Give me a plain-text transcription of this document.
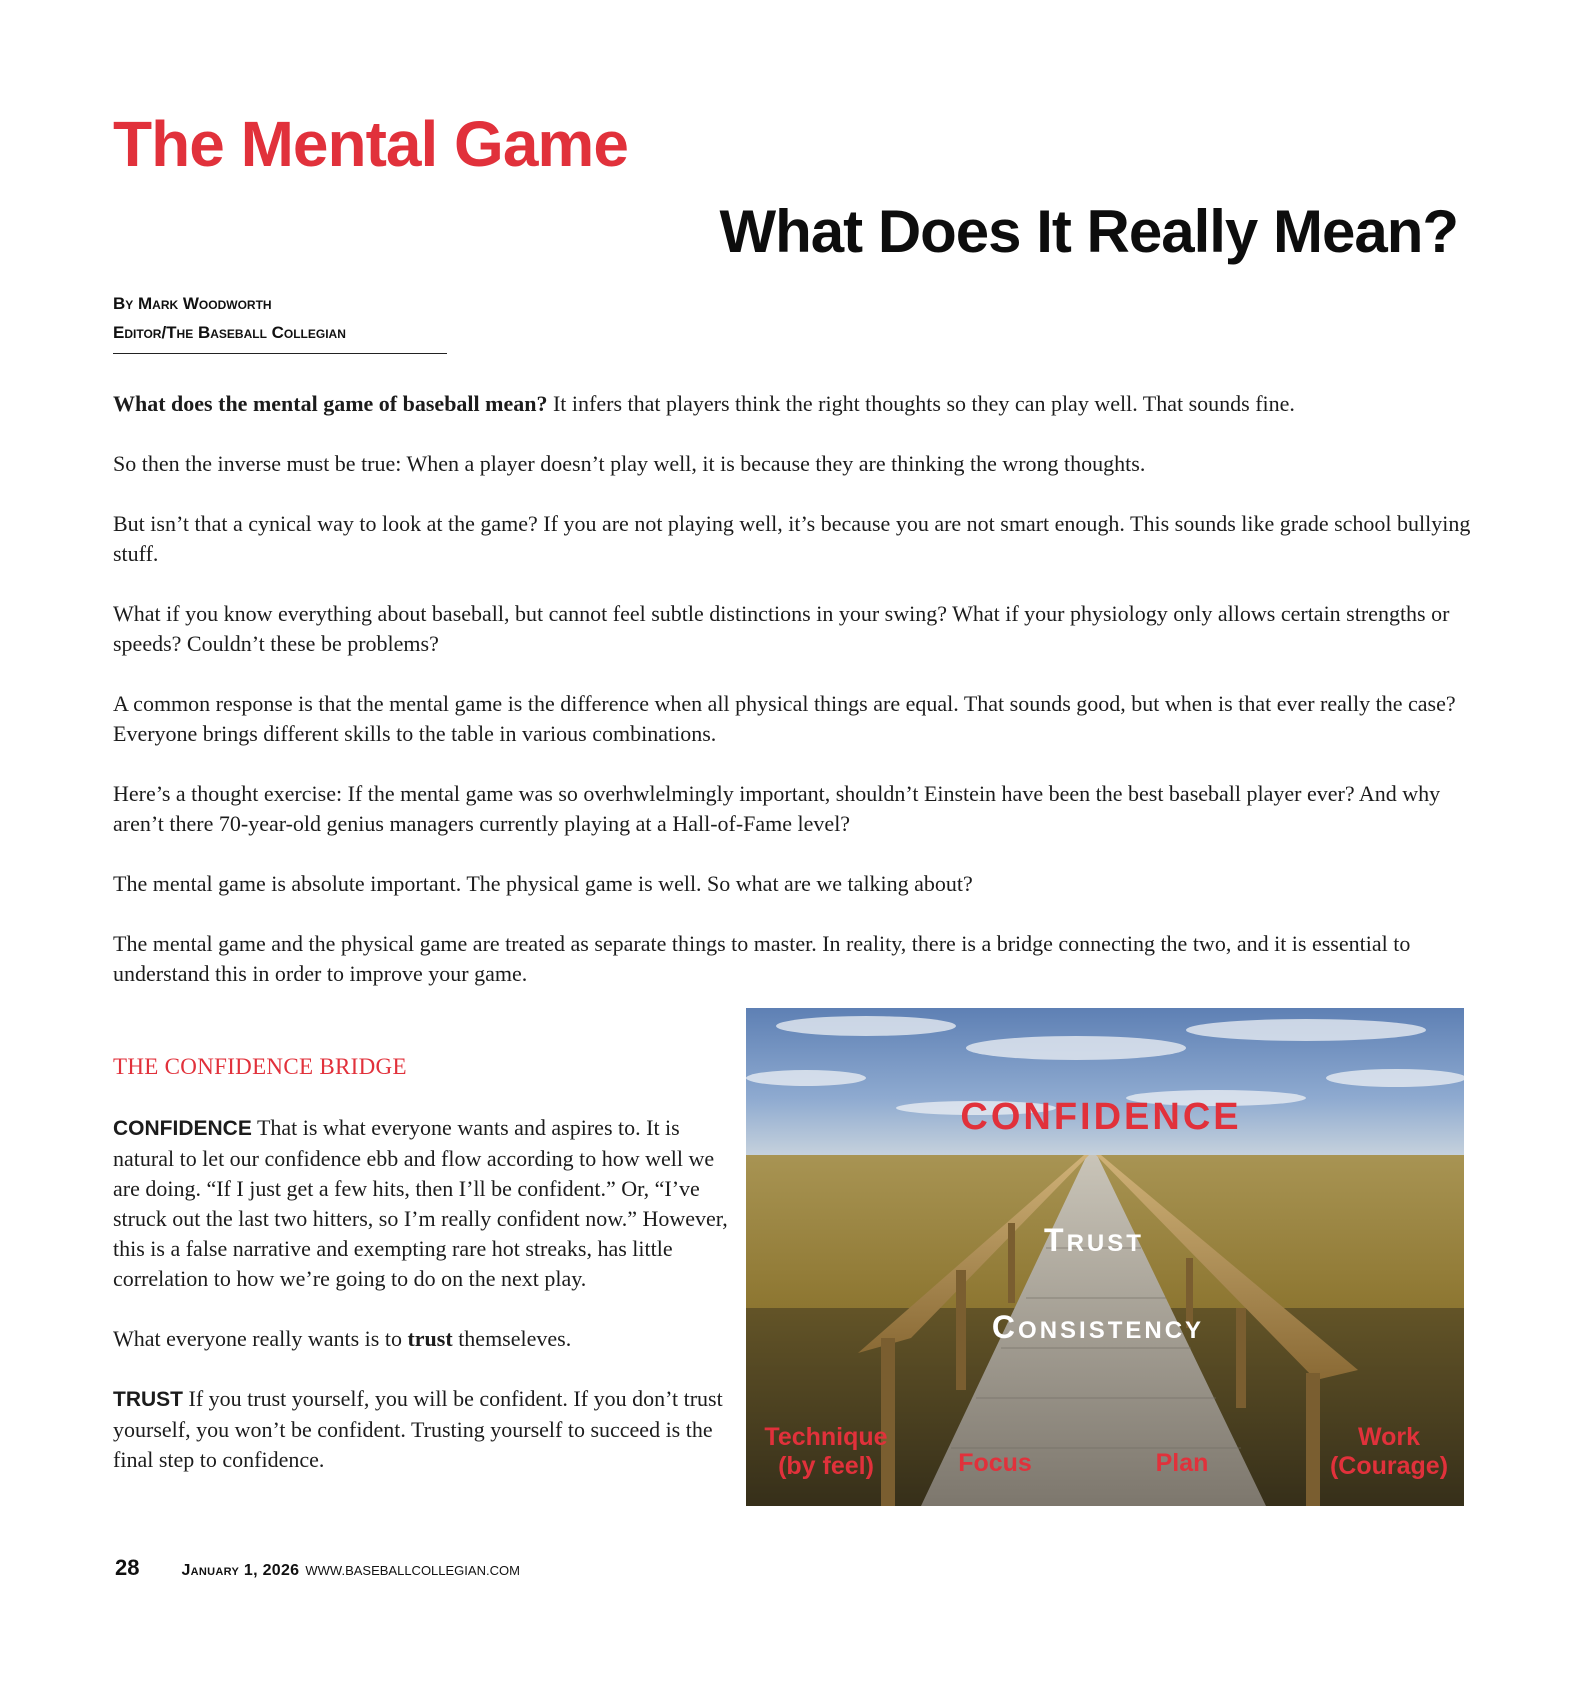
The Mental Game
What Does It Really Mean?
By Mark Woodworth
Editor/The Baseball Collegian

What does the mental game of baseball mean? It infers that players think the right thoughts so they can play well. That sounds fine.

So then the inverse must be true: When a player doesn’t play well, it is because they are thinking the wrong thoughts.

But isn’t that a cynical way to look at the game? If you are not playing well, it’s because you are not smart enough. This sounds like grade school bullying stuff.

What if you know everything about baseball, but cannot feel subtle distinctions in your swing? What if your physiology only allows certain strengths or speeds? Couldn’t these be problems?

A common response is that the mental game is the difference when all physical things are equal. That sounds good, but when is that ever really the case? Everyone brings different skills to the table in various combinations.

Here’s a thought exercise: If the mental game was so overhwlelmingly important, shouldn’t Einstein have been the best baseball player ever? And why aren’t there 70-year-old genius managers currently playing at a Hall-of-Fame level?

The mental game is absolute important. The physical game is well. So what are we talking about?

The mental game and the physical game are treated as separate things to master. In reality, there is a bridge connecting the two, and it is essential to understand this in order to improve your game.

THE CONFIDENCE BRIDGE

CONFIDENCE That is what everyone wants and aspires to. It is natural to let our confidence ebb and flow according to how well we are doing. “If I just get a few hits, then I’ll be confident.” Or, “I’ve struck out the last two hitters, so I’m really confident now.” However, this is a false narrative and exempting rare hot streaks, has little correlation to how we’re going to do on the next play.

What everyone really wants is to trust themseleves.

TRUST If you trust yourself, you will be confident. If you don’t trust yourself, you won’t be confident. Trusting yourself to succeed is the final step to confidence.

CONFIDENCE
TRUST
CONSISTENCY
Technique
(by feel)	Focus	Plan
Work
(Courage)
28	January 1, 2026 WWW.BASEBALLCOLLEGIAN.COM
